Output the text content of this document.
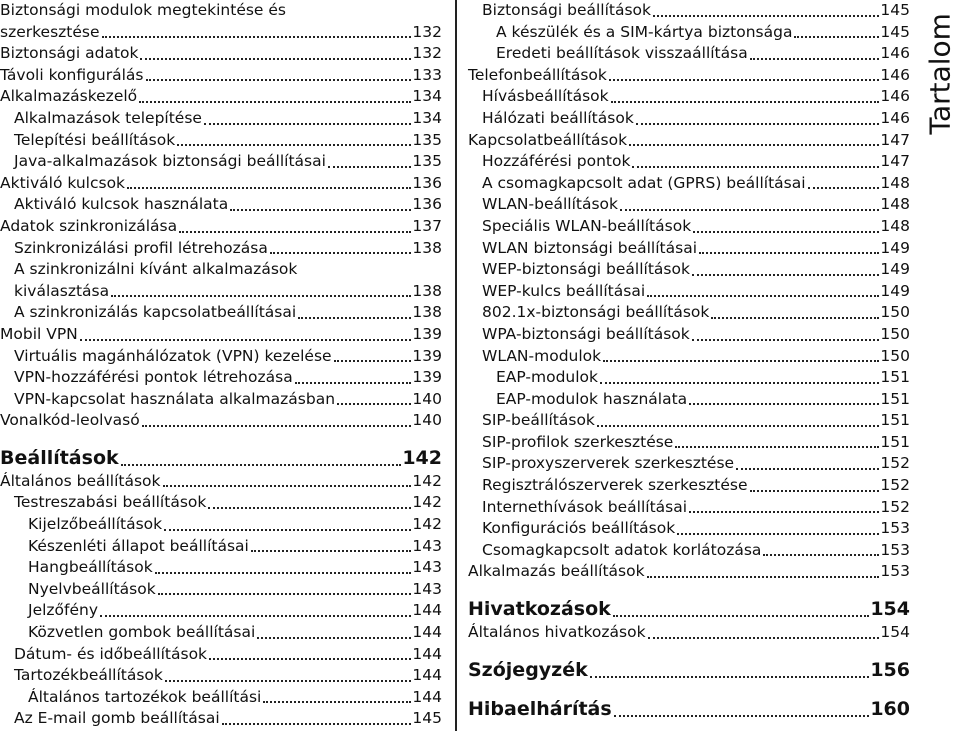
Tartalom
Biztonsági modulok megtekintése és
szerkesztése	132
Biztonsági adatok	132
Távoli konfigurálás	133
Alkalmazáskezelő	134
Alkalmazások telepítése	134
Telepítési beállítások	135
Java-alkalmazások biztonsági beállításai	135
Aktiváló kulcsok	136
Aktiváló kulcsok használata	136
Adatok szinkronizálása	137
Szinkronizálási profil létrehozása	138
A szinkronizálni kívánt alkalmazások
kiválasztása	138
A szinkronizálás kapcsolatbeállításai	138
Mobil VPN	139
Virtuális magánhálózatok (VPN) kezelése	139
VPN-hozzáférési pontok létrehozása	139
VPN-kapcsolat használata alkalmazásban	140
Vonalkód-leolvasó	140
Beállítások	142
Általános beállítások	142
Testreszabási beállítások	142
Kijelzőbeállítások	142
Készenléti állapot beállításai	143
Hangbeállítások	143
Nyelvbeállítások	143
Jelzőfény	144
Közvetlen gombok beállításai	144
Dátum- és időbeállítások	144
Tartozékbeállítások	144
Általános tartozékok beállítási	144
Az E-mail gomb beállításai	145
Biztonsági beállítások	145
A készülék és a SIM-kártya biztonsága	145
Eredeti beállítások visszaállítása	146
Telefonbeállítások	146
Hívásbeállítások	146
Hálózati beállítások	146
Kapcsolatbeállítások	147
Hozzáférési pontok	147
A csomagkapcsolt adat (GPRS) beállításai	148
WLAN-beállítások	148
Speciális WLAN-beállítások	148
WLAN biztonsági beállításai	149
WEP-biztonsági beállítások	149
WEP-kulcs beállításai	149
802.1x-biztonsági beállítások	150
WPA-biztonsági beállítások	150
WLAN-modulok	150
EAP-modulok	151
EAP-modulok használata	151
SIP-beállítások	151
SIP-profilok szerkesztése	151
SIP-proxyszerverek szerkesztése	152
Regisztrálószerverek szerkesztése	152
Internethívások beállításai	152
Konfigurációs beállítások	153
Csomagkapcsolt adatok korlátozása	153
Alkalmazás beállítások	153
Hivatkozások	154
Általános hivatkozások	154
Szójegyzék	156
Hibaelhárítás	160
